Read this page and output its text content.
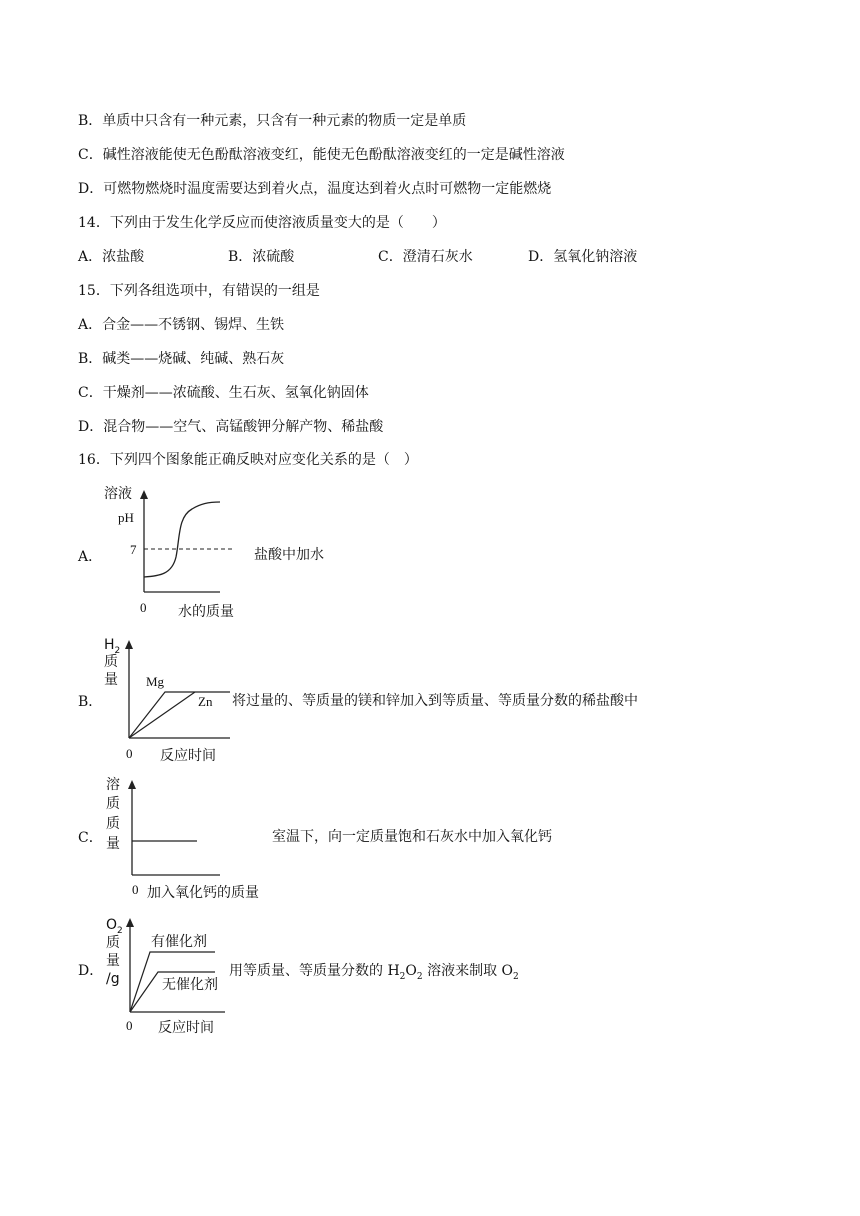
B．单质中只含有一种元素，只含有一种元素的物质一定是单质
C．碱性溶液能使无色酚酞溶液变红，能使无色酚酞溶液变红的一定是碱性溶液
D．可燃物燃烧时温度需要达到着火点，温度达到着火点时可燃物一定能燃烧
14．下列由于发生化学反应而使溶液质量变大的是（　　）
A．浓盐酸	B．浓硫酸	C．澄清石灰水	D．氢氧化钠溶液
15．下列各组选项中，有错误的一组是
A．合金——不锈钢、锡焊、生铁
B．碱类——烧碱、纯碱、熟石灰
C．干燥剂——浓硫酸、生石灰、氢氧化钠固体
D．混合物——空气、高锰酸钾分解产物、稀盐酸
16．下列四个图象能正确反映对应变化关系的是（　）
A．
溶液
pH
7
0 水的质量
盐酸中加水
B．
$H_2$
质
量 Mg
Zn
0 反应时间
将过量的、等质量的镁和锌加入到等质量、等质量分数的稀盐酸中
C．
溶
质
质
量
0 加入氧化钙的质量
室温下，向一定质量饱和石灰水中加入氧化钙
D．
$O_2$
质
量
/g
有催化剂
无催化剂
0 反应时间
用等质量、等质量分数的 $H_2O_2$ 溶液来制取 $O_2$
